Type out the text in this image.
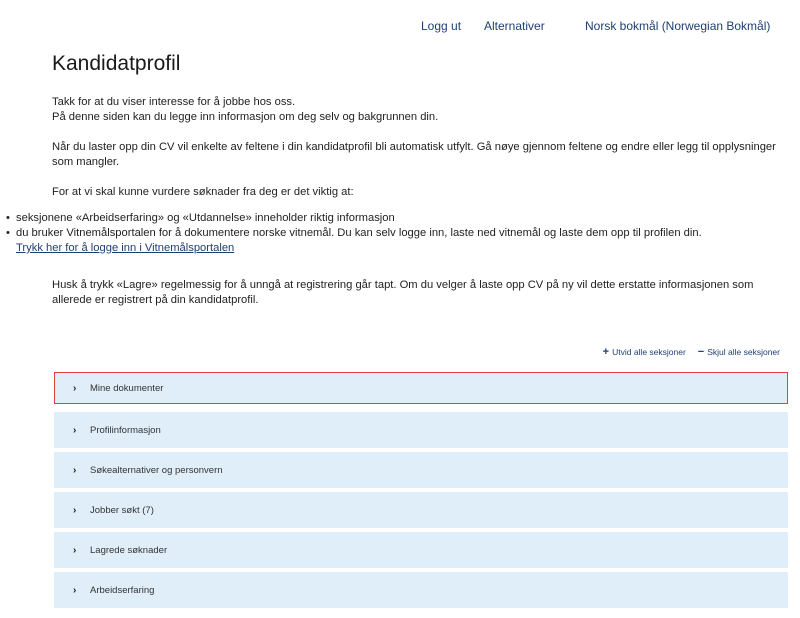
Logg ut Alternativer	Norsk bokmål (Norwegian Bokmål)
Kandidatprofil

Takk for at du viser interesse for å jobbe hos oss.

På denne siden kan du legge inn informasjon om deg selv og bakgrunnen din.

Når du laster opp din CV vil enkelte av feltene i din kandidatprofil bli automatisk utfylt. Gå nøye gjennom feltene og endre eller legg til opplysninger som mangler.

For at vi skal kunne vurdere søknader fra deg er det viktig at:

• seksjonene «Arbeidserfaring» og «Utdannelse» inneholder riktig informasjon
• du bruker Vitnemålsportalen for å dokumentere norske vitnemål. Du kan selv logge inn, laste ned vitnemål og laste dem opp til profilen din.
Trykk her for å logge inn i Vitnemålsportalen

Husk å trykk «Lagre» regelmessig for å unngå at registrering går tapt. Om du velger å laste opp CV på ny vil dette erstatte informasjonen som allerede er registrert på din kandidatprofil.

+ Utvid alle seksjoner − Skjul alle seksjoner
›	Mine dokumenter
›	Profilinformasjon
›	Søkealternativer og personvern
›	Jobber søkt (7)
›	Lagrede søknader
›	Arbeidserfaring
